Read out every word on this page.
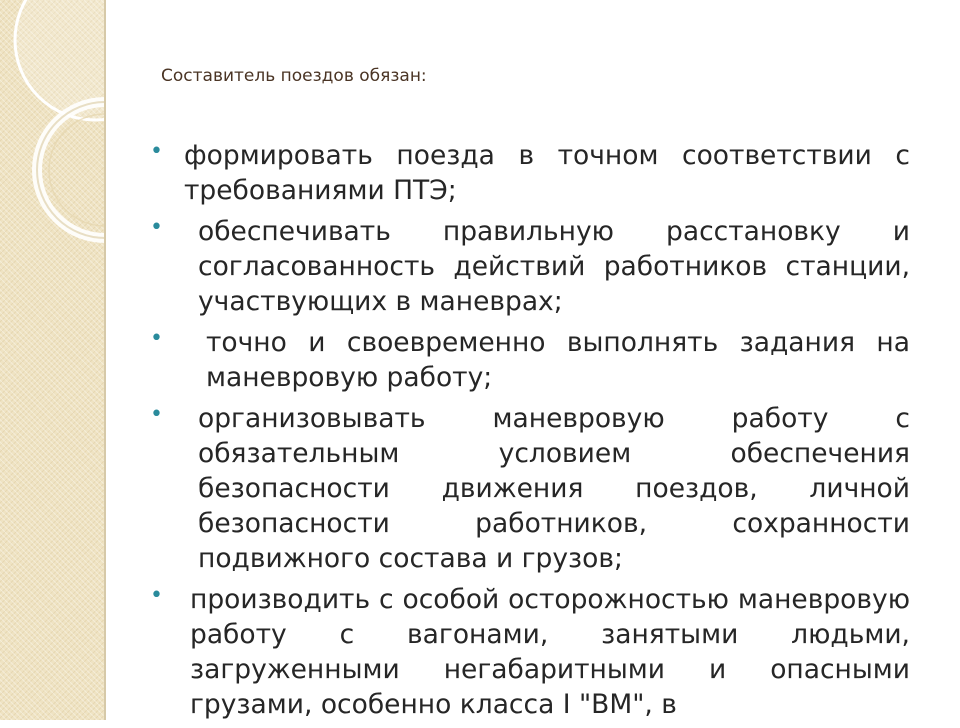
Составитель поездов обязан:
• формировать поезда в точном соответствии с требованиями ПТЭ;
•	обеспечивать правильную расстановку и согласованность действий работников станции, участвующих в маневрах;
•	точно и своевременно выполнять задания на маневровую работу;
•	организовывать маневровую работу с обязательным условием обеспечения безопасности движения поездов, личной безопасности работников, сохранности подвижного состава и грузов;
• производить с особой осторожностью маневровую работу с вагонами, занятыми людьми, загруженными негабаритными и опасными грузами, особенно класса I "ВМ", в
